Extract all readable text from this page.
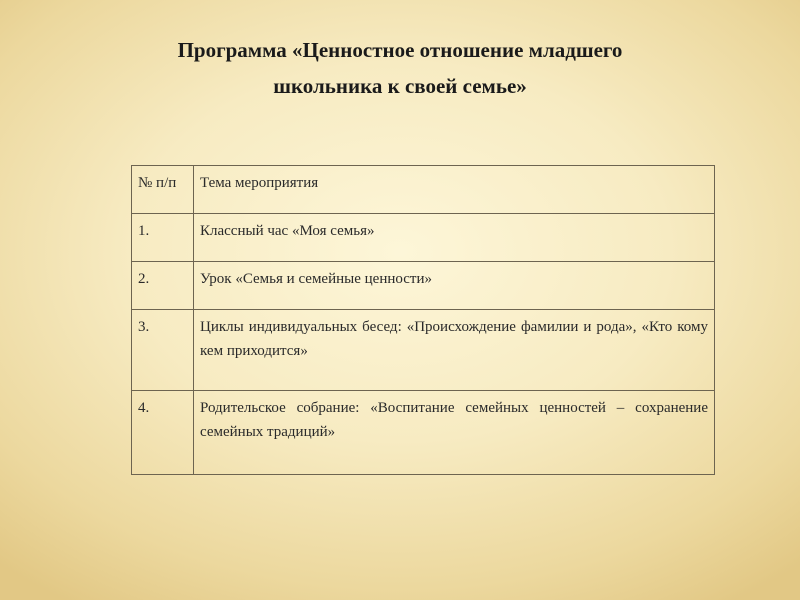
Программа «Ценностное отношение младшего
школьника к своей семье»
№ п/п	Тема мероприятия
1.	Классный час «Моя семья»
2.	Урок «Семья и семейные ценности»
3.	Циклы индивидуальных бесед: «Происхождение фамилии и рода», «Кто кому кем приходится»
4.	Родительское собрание: «Воспитание семейных ценностей – сохранение семейных традиций»
